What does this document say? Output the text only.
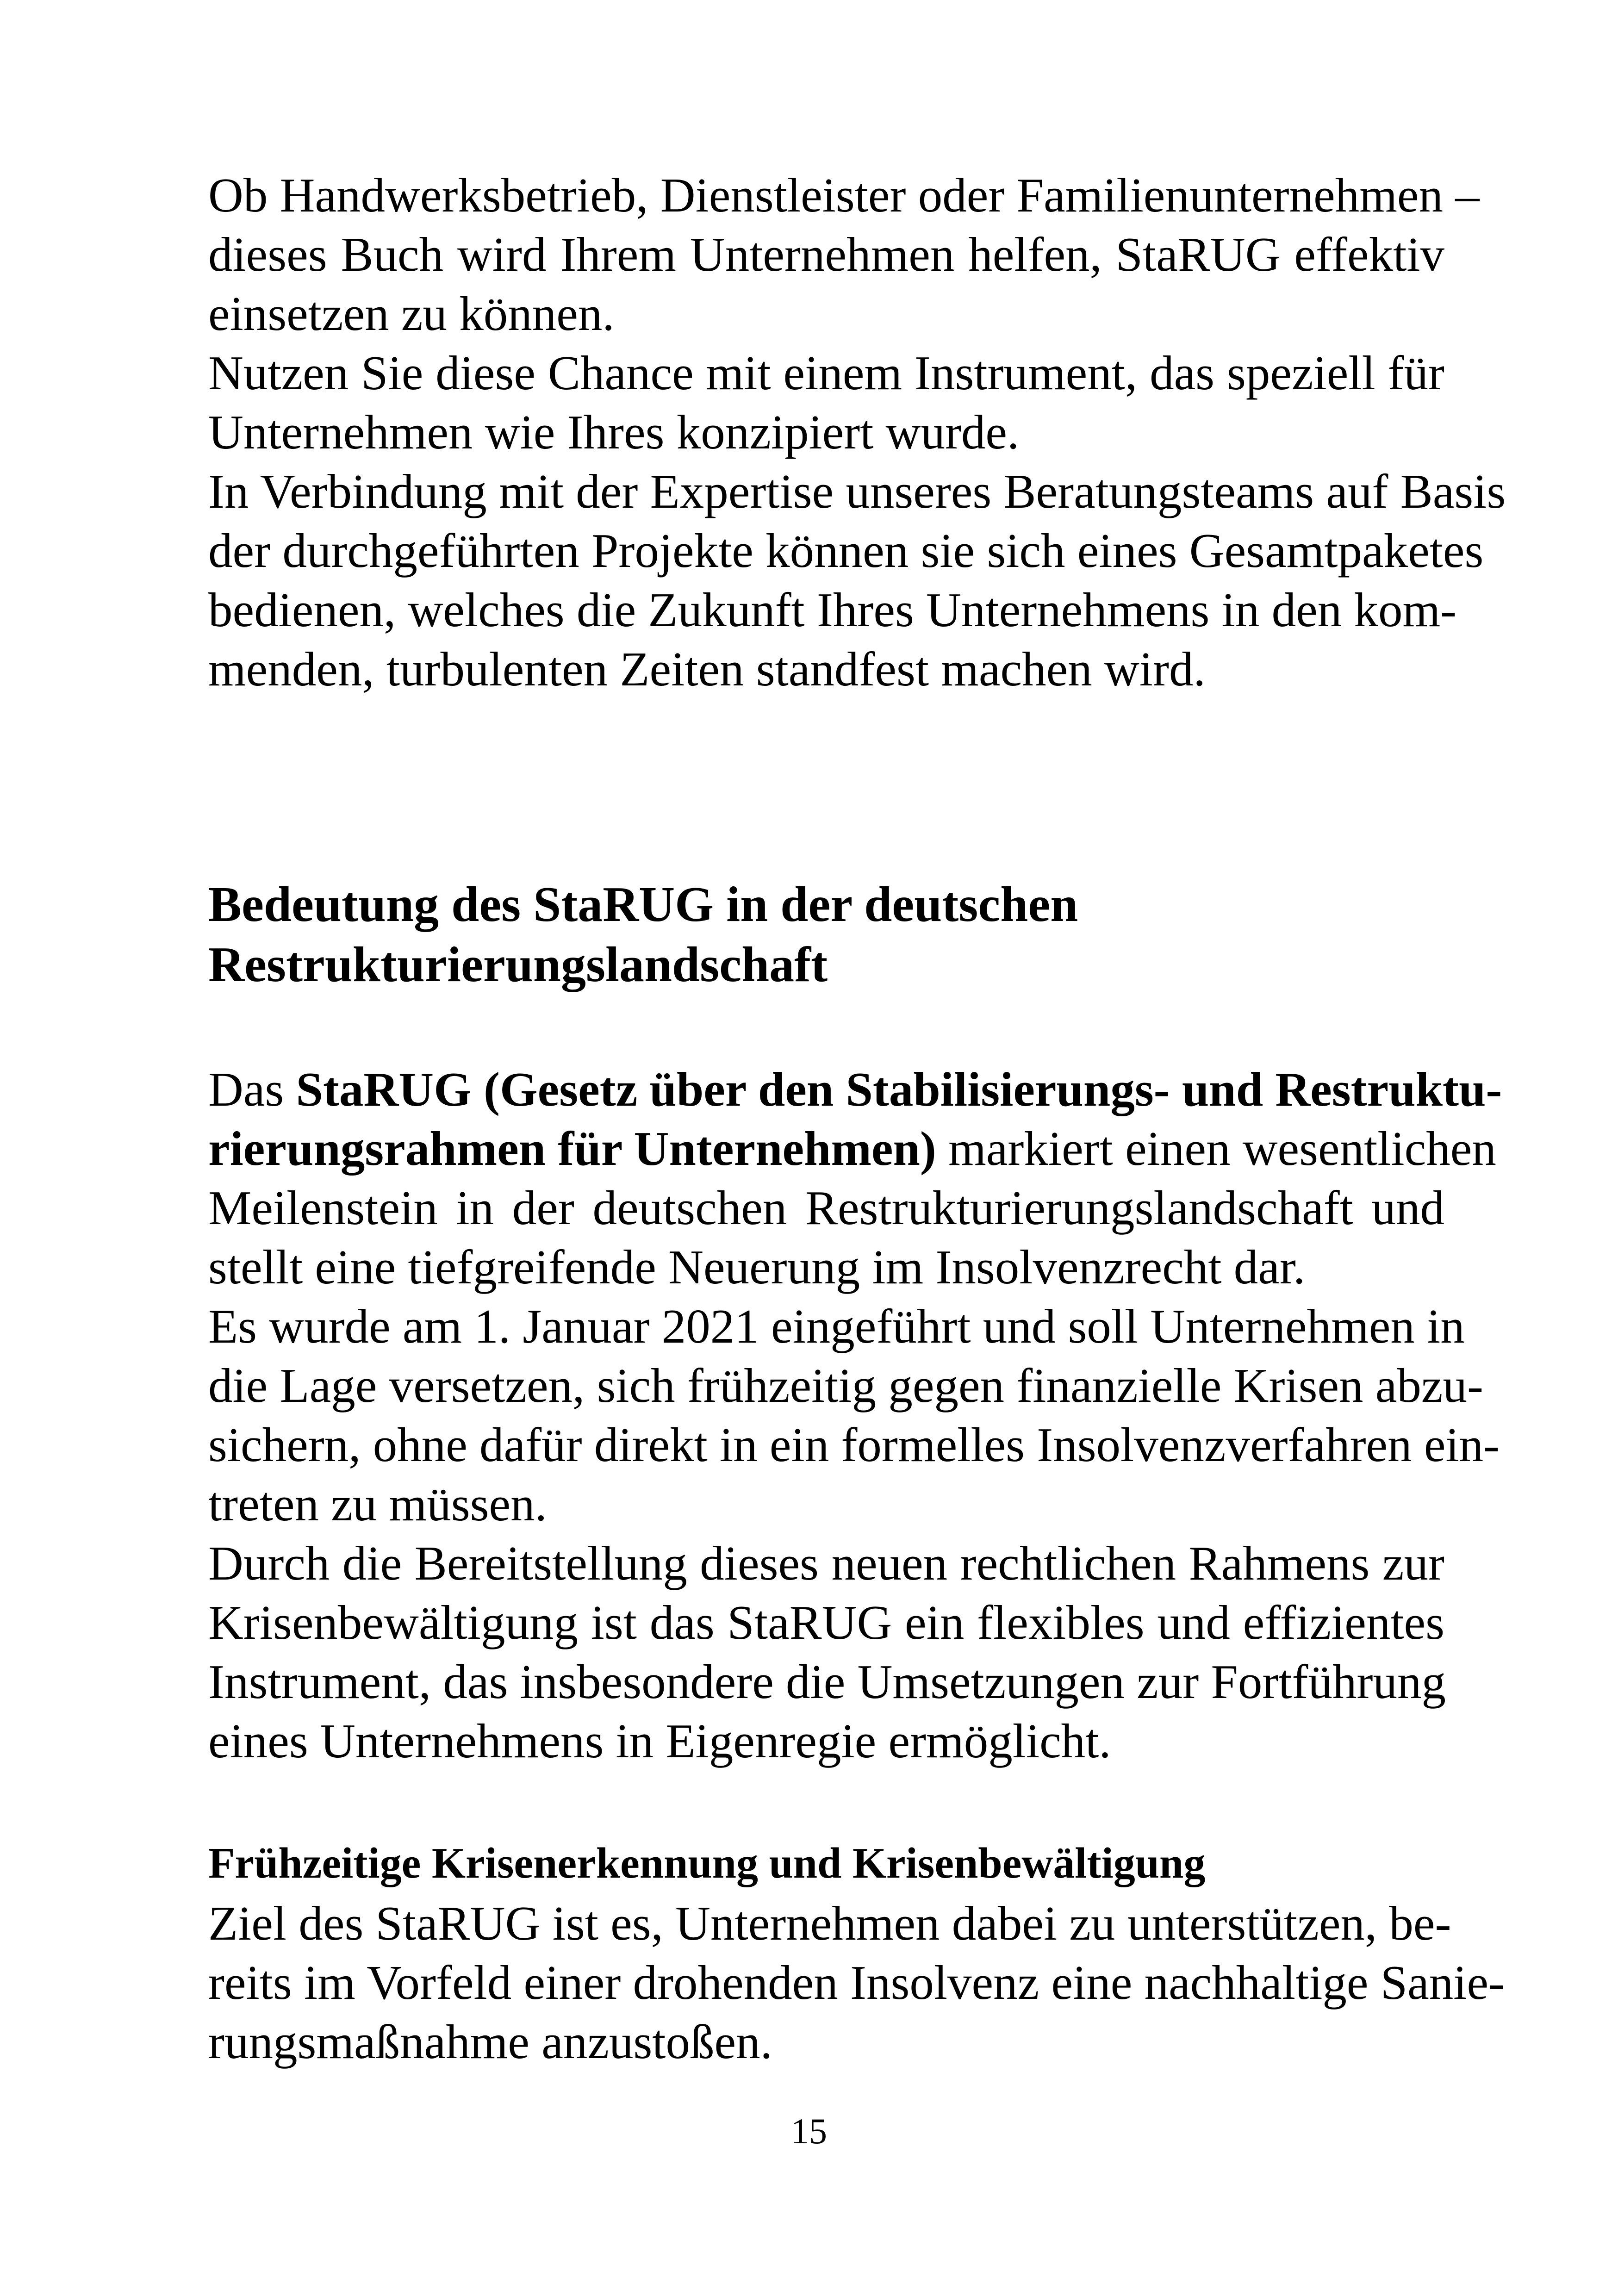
Ob Handwerksbetrieb, Dienstleister oder Familienunternehmen –
dieses Buch wird Ihrem Unternehmen helfen, StaRUG effektiv
einsetzen zu können.
Nutzen Sie diese Chance mit einem Instrument, das speziell für
Unternehmen wie Ihres konzipiert wurde.
In Verbindung mit der Expertise unseres Beratungsteams auf Basis
der durchgeführten Projekte können sie sich eines Gesamtpaketes
bedienen, welches die Zukunft Ihres Unternehmens in den kom-
menden, turbulenten Zeiten standfest machen wird.
Bedeutung des StaRUG in der deutschen
Restrukturierungslandschaft
Das StaRUG (Gesetz über den Stabilisierungs- und Restruktu-
rierungsrahmen für Unternehmen) markiert einen wesentlichen
Meilenstein in der deutschen Restrukturierungslandschaft und
stellt eine tiefgreifende Neuerung im Insolvenzrecht dar.
Es wurde am 1. Januar 2021 eingeführt und soll Unternehmen in
die Lage versetzen, sich frühzeitig gegen finanzielle Krisen abzu-
sichern, ohne dafür direkt in ein formelles Insolvenzverfahren ein-
treten zu müssen.
Durch die Bereitstellung dieses neuen rechtlichen Rahmens zur
Krisenbewältigung ist das StaRUG ein flexibles und effizientes
Instrument, das insbesondere die Umsetzungen zur Fortführung
eines Unternehmens in Eigenregie ermöglicht.
Frühzeitige Krisenerkennung und Krisenbewältigung
Ziel des StaRUG ist es, Unternehmen dabei zu unterstützen, be-
reits im Vorfeld einer drohenden Insolvenz eine nachhaltige Sanie-
rungsmaßnahme anzustoßen.
15
